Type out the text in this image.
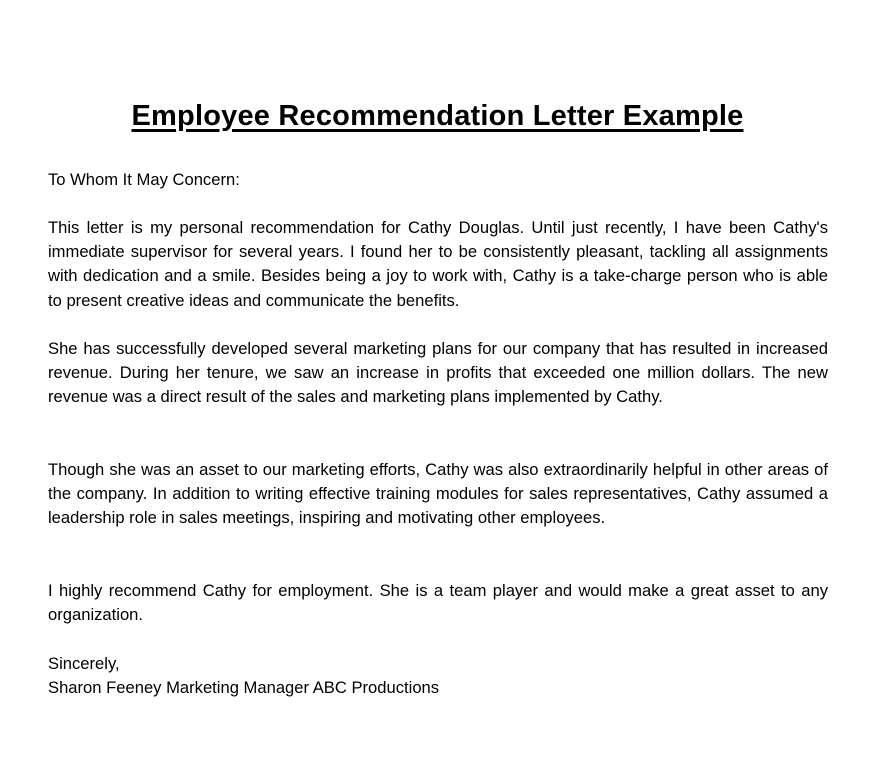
Employee Recommendation Letter Example
To Whom It May Concern:

This letter is my personal recommendation for Cathy Douglas. Until just recently, I have been Cathy's immediate supervisor for several years. I found her to be consistently pleasant, tackling all assignments with dedication and a smile. Besides being a joy to work with, Cathy is a take-charge person who is able to present creative ideas and communicate the benefits.

She has successfully developed several marketing plans for our company that has resulted in increased revenue. During her tenure, we saw an increase in profits that exceeded one million dollars. The new revenue was a direct result of the sales and marketing plans implemented by Cathy.

Though she was an asset to our marketing efforts, Cathy was also extraordinarily helpful in other areas of the company. In addition to writing effective training modules for sales representatives, Cathy assumed a leadership role in sales meetings, inspiring and motivating other employees.

I highly recommend Cathy for employment. She is a team player and would make a great asset to any organization.

Sincerely,

Sharon Feeney Marketing Manager ABC Productions
